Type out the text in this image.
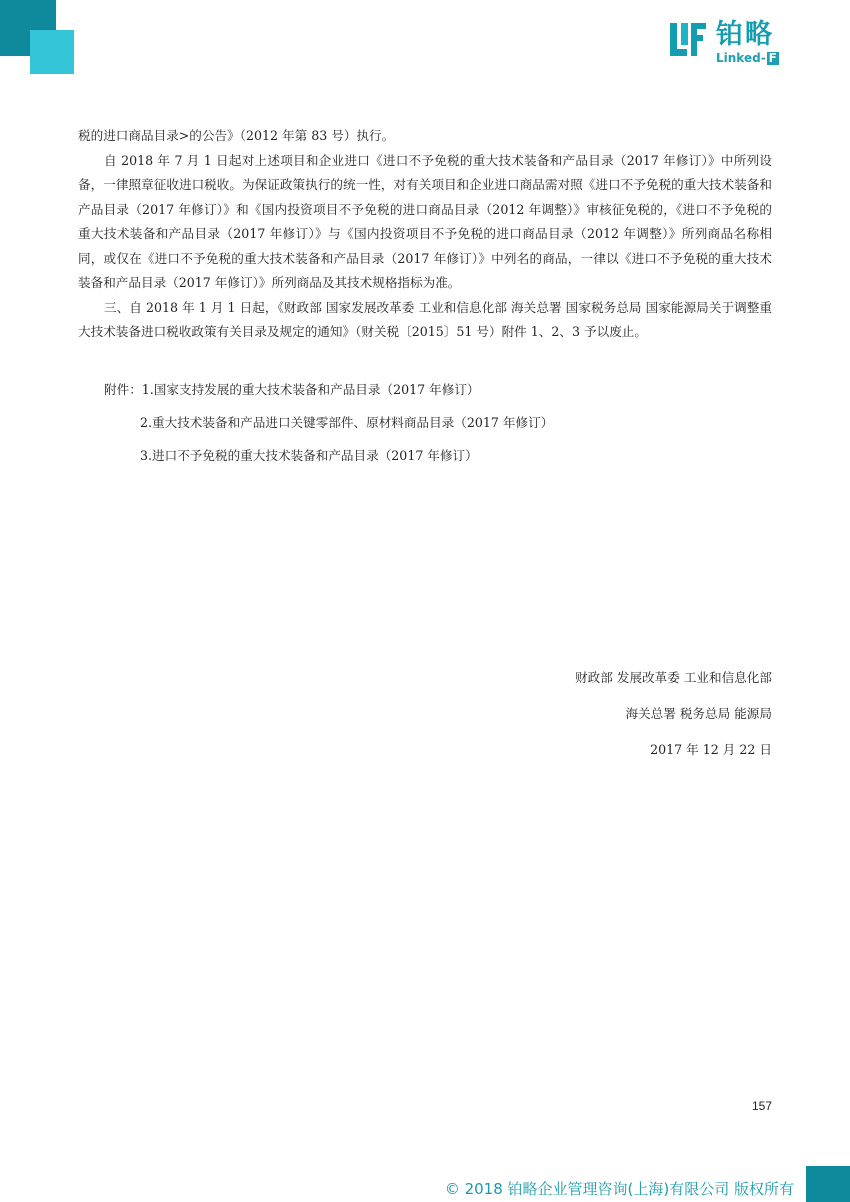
铂略
Linked- F

税的进口商品目录>的公告》（2012 年第 83 号）执行。

自 2018 年 7 月 1 日起对上述项目和企业进口《进口不予免税的重大技术装备和产品目录（2017 年修订）》中所列设备，一律照章征收进口税收。为保证政策执行的统一性，对有关项目和企业进口商品需对照《进口不予免税的重大技术装备和产品目录（2017 年修订）》和《国内投资项目不予免税的进口商品目录（2012 年调整）》审核征免税的，《进口不予免税的重大技术装备和产品目录（2017 年修订）》与《国内投资项目不予免税的进口商品目录（2012 年调整）》所列商品名称相同，或仅在《进口不予免税的重大技术装备和产品目录（2017 年修订）》中列名的商品，一律以《进口不予免税的重大技术装备和产品目录（2017 年修订）》所列商品及其技术规格指标为准。

三、自 2018 年 1 月 1 日起，《财政部 国家发展改革委 工业和信息化部 海关总署 国家税务总局 国家能源局关于调整重大技术装备进口税收政策有关目录及规定的通知》（财关税〔2015〕51 号）附件 1、2、3 予以废止。

附件：1.国家支持发展的重大技术装备和产品目录（2017 年修订）

2.重大技术装备和产品进口关键零部件、原材料商品目录（2017 年修订）

3.进口不予免税的重大技术装备和产品目录（2017 年修订）

财政部 发展改革委 工业和信息化部
海关总署 税务总局 能源局
2017 年 12 月 22 日
157
© 2018 铂略企业管理咨询(上海)有限公司 版权所有
